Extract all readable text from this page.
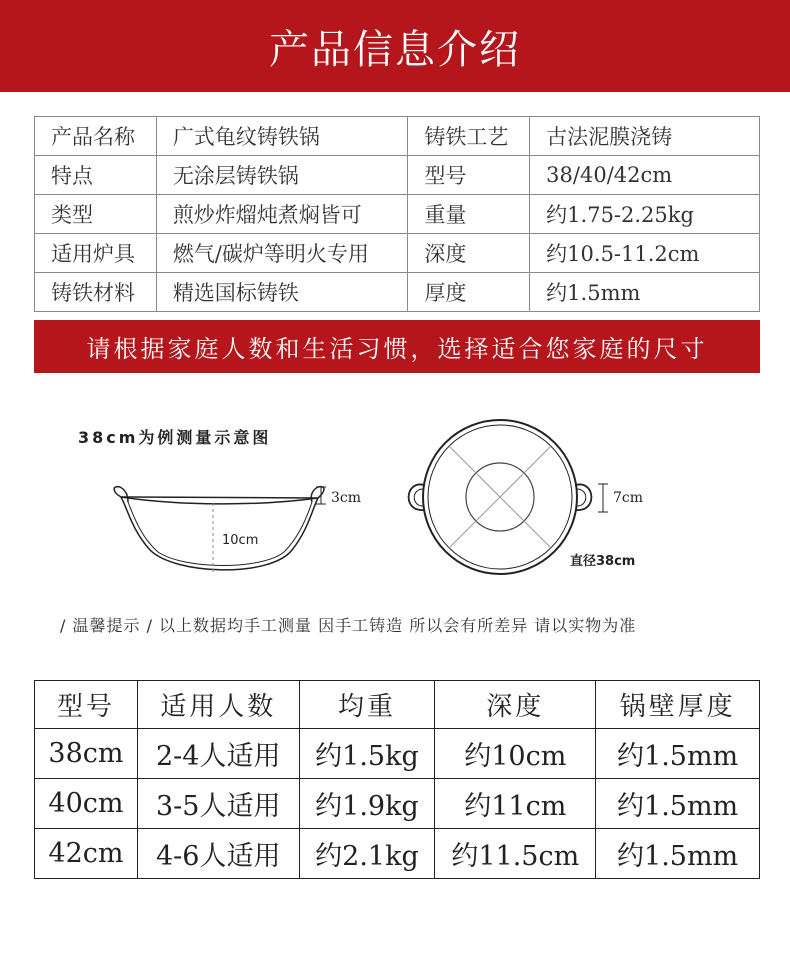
产品信息介绍
产品名称	广式龟纹铸铁锅	铸铁工艺	古法泥膜浇铸
特点	无涂层铸铁锅	型号	38/40/42cm
类型	煎炒炸熘炖煮焖皆可	重量	约1.75-2.25kg
适用炉具	燃气/碳炉等明火专用	深度	约10.5-11.2cm
铸铁材料	精选国标铸铁	厚度	约1.5mm
请根据家庭人数和生活习惯，选择适合您家庭的尺寸
38cm为例测量示意图
3cm
10cm
7cm
直径38cm
/ 温馨提示 / 以上数据均手工测量 因手工铸造 所以会有所差异 请以实物为准
型号	适用人数	均重	深度	锅壁厚度
38cm	2-4人适用	约1.5kg	约10cm	约1.5mm
40cm	3-5人适用	约1.9kg	约11cm	约1.5mm
42cm	4-6人适用	约2.1kg	约11.5cm	约1.5mm
